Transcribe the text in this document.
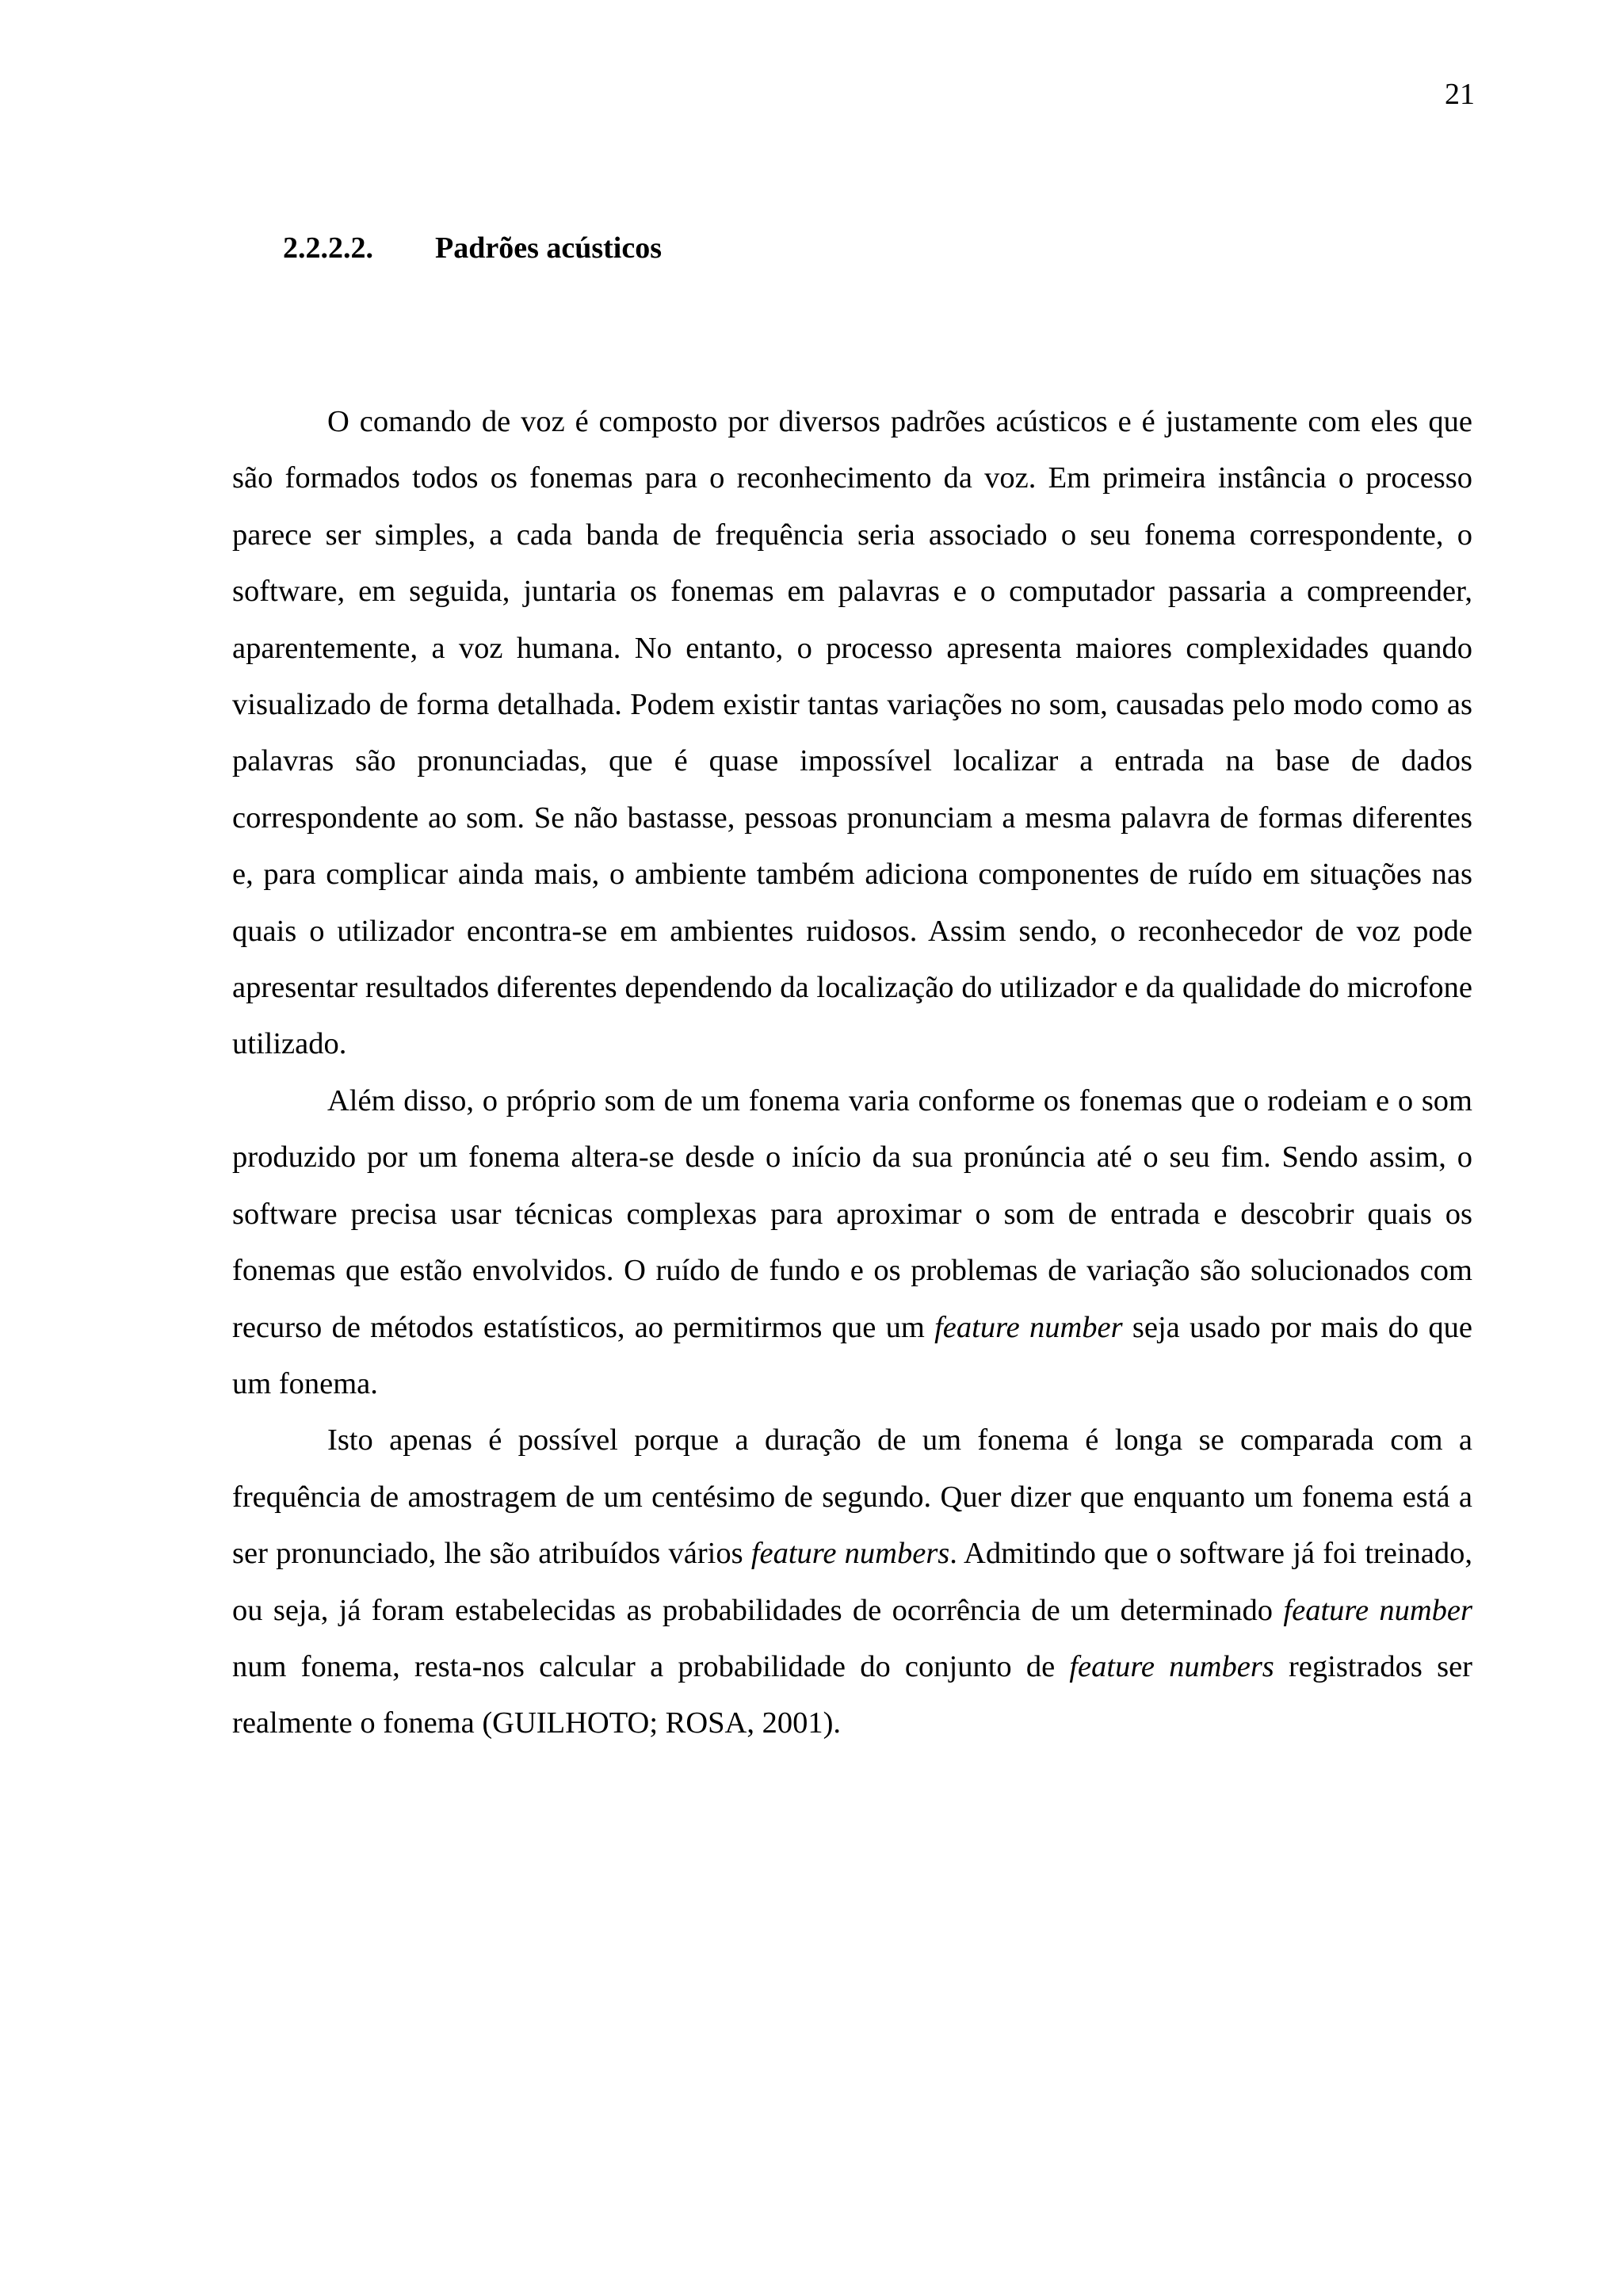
21
2.2.2.2. Padrões acústicos

O comando de voz é composto por diversos padrões acústicos e é justamente com eles que são formados todos os fonemas para o reconhecimento da voz. Em primeira instância o processo parece ser simples, a cada banda de frequência seria associado o seu fonema correspondente, o software, em seguida, juntaria os fonemas em palavras e o computador passaria a compreender, aparentemente, a voz humana. No entanto, o processo apresenta maiores complexidades quando visualizado de forma detalhada. Podem existir tantas variações no som, causadas pelo modo como as palavras são pronunciadas, que é quase impossível localizar a entrada na base de dados correspondente ao som. Se não bastasse, pessoas pronunciam a mesma palavra de formas diferentes e, para complicar ainda mais, o ambiente também adiciona componentes de ruído em situações nas quais o utilizador encontra-se em ambientes ruidosos. Assim sendo, o reconhecedor de voz pode apresentar resultados diferentes dependendo da localização do utilizador e da qualidade do microfone utilizado.

Além disso, o próprio som de um fonema varia conforme os fonemas que o rodeiam e o som produzido por um fonema altera-se desde o início da sua pronúncia até o seu fim. Sendo assim, o software precisa usar técnicas complexas para aproximar o som de entrada e descobrir quais os fonemas que estão envolvidos. O ruído de fundo e os problemas de variação são solucionados com recurso de métodos estatísticos, ao permitirmos que um feature number seja usado por mais do que um fonema.

Isto apenas é possível porque a duração de um fonema é longa se comparada com a frequência de amostragem de um centésimo de segundo. Quer dizer que enquanto um fonema está a ser pronunciado, lhe são atribuídos vários feature numbers. Admitindo que o software já foi treinado, ou seja, já foram estabelecidas as probabilidades de ocorrência de um determinado feature number num fonema, resta-nos calcular a probabilidade do conjunto de feature numbers registrados ser realmente o fonema (GUILHOTO; ROSA, 2001).
